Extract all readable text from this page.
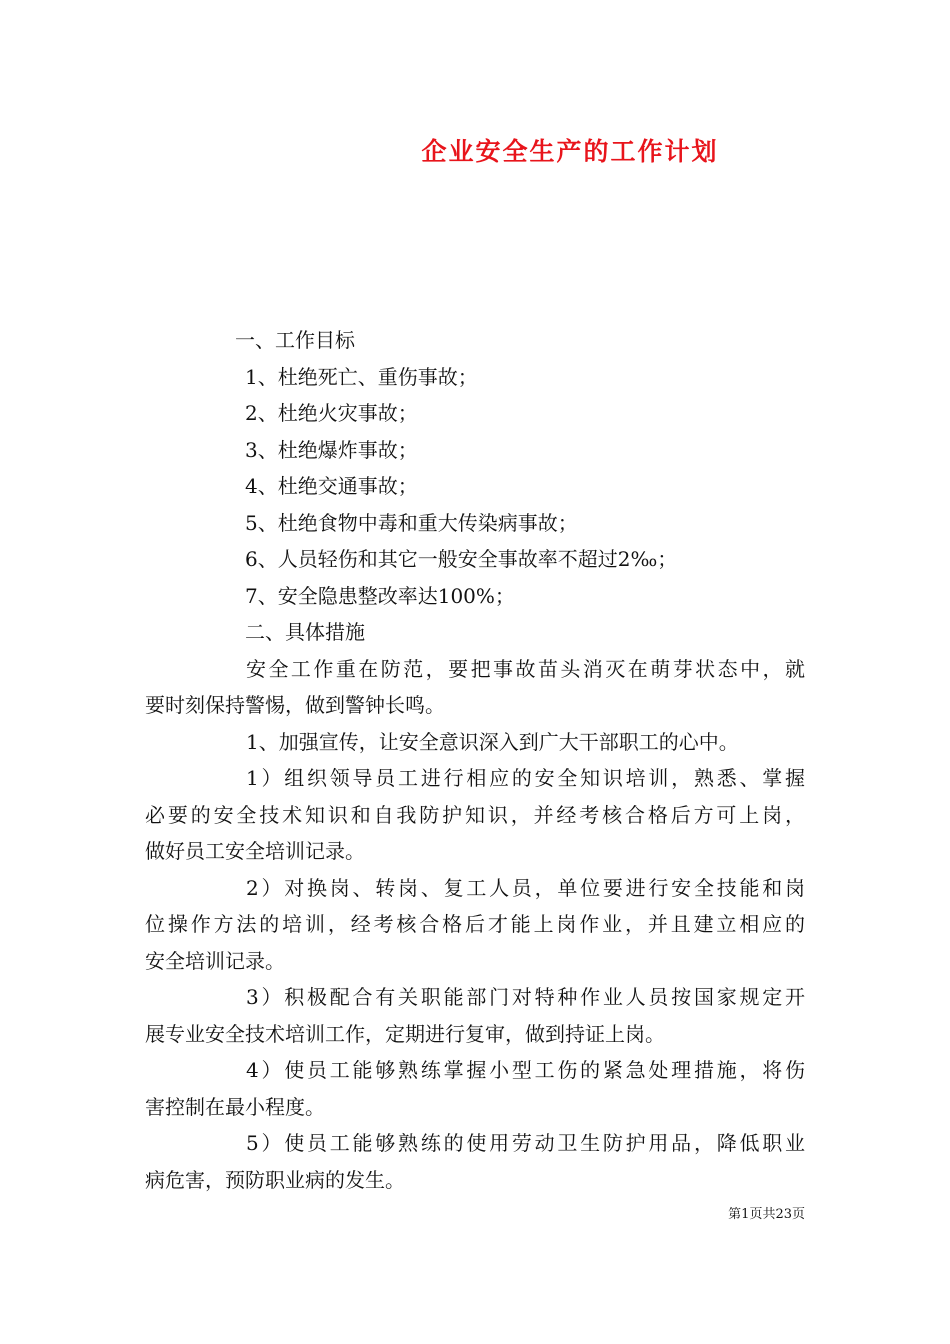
企业安全生产的工作计划
一、工作目标
1、杜绝死亡、重伤事故；
2、杜绝火灾事故；
3、杜绝爆炸事故；
4、杜绝交通事故；
5、杜绝食物中毒和重大传染病事故；
6、人员轻伤和其它一般安全事故率不超过2‰；
7、安全隐患整改率达100%；
二、具体措施
安全工作重在防范，要把事故苗头消灭在萌芽状态中，就
要时刻保持警惕，做到警钟长鸣。
1、加强宣传，让安全意识深入到广大干部职工的心中。
1）组织领导员工进行相应的安全知识培训，熟悉、掌握
必要的安全技术知识和自我防护知识，并经考核合格后方可上岗，
做好员工安全培训记录。
2）对换岗、转岗、复工人员，单位要进行安全技能和岗
位操作方法的培训，经考核合格后才能上岗作业，并且建立相应的
安全培训记录。
3）积极配合有关职能部门对特种作业人员按国家规定开
展专业安全技术培训工作，定期进行复审，做到持证上岗。
4）使员工能够熟练掌握小型工伤的紧急处理措施，将伤
害控制在最小程度。
5）使员工能够熟练的使用劳动卫生防护用品，降低职业
病危害，预防职业病的发生。
第1页共23页
